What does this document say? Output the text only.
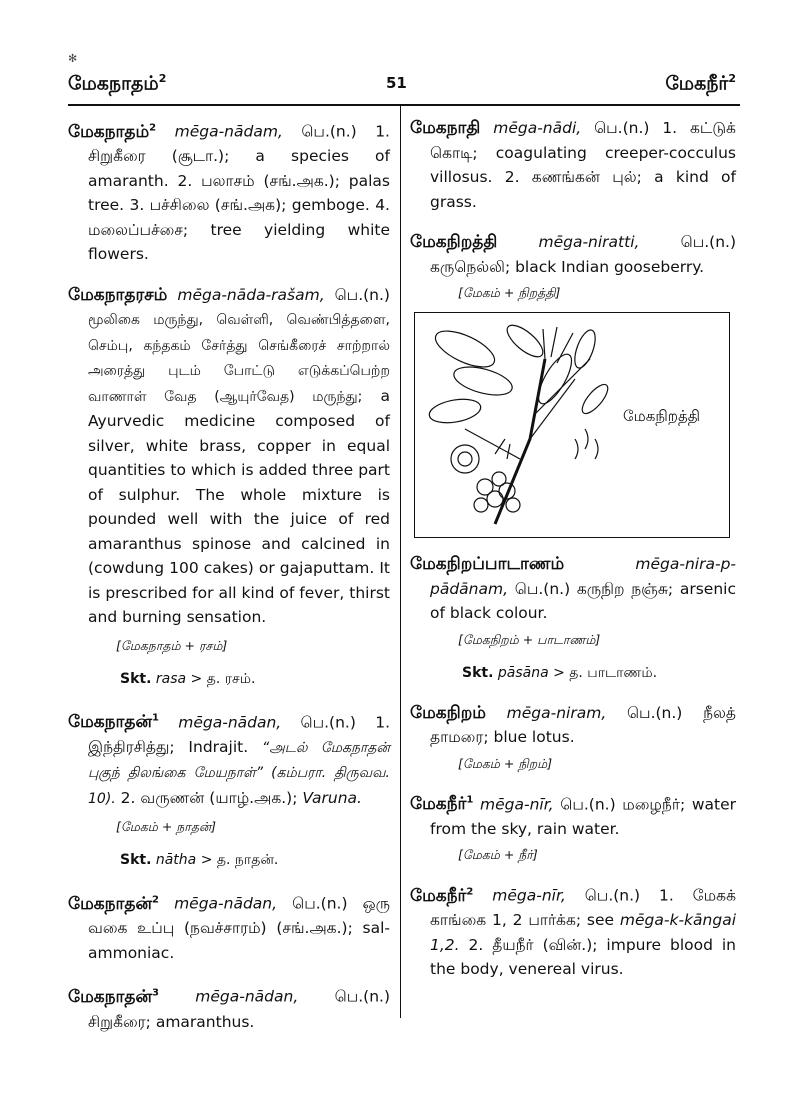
✻
மேகநாதம்$^2$	51	மேகநீர்$^2$
மேகநாதம்$^2$ mēga-nādam, பெ.(n.) 1. சிறுகீரை (சூடா.); a species of amaranth. 2. பலாசம் (சங்.அக.); palas tree. 3. பச்சிலை (சங்.அக); gemboge. 4. மலைப்பச்சை; tree yielding white flowers.
மேகநாதரசம் mēga-nāda-rašam, பெ.(n.) மூலிகை மருந்து, வெள்ளி, வெண்பித்தளை, செம்பு, கந்தகம் சேர்த்து செங்கீரைச் சாற்றால் அரைத்து புடம் போட்டு எடுக்கப்பெற்ற வாணாள் வேத (ஆயுர்வேத) மருந்து; a Ayurvedic medicine composed of silver, white brass, copper in equal quantities to which is added three part of sulphur. The whole mixture is pounded well with the juice of red amaranthus spinose and calcined in (cowdung 100 cakes) or gajaputtam. It is prescribed for all kind of fever, thirst and burning sensation.
[மேகநாதம் + ரசம்]
Skt. rasa > த. ரசம்.
மேகநாதன்$^1$ mēga-nādan, பெ.(n.) 1. இந்திரசித்து; Indrajit. “அடல் மேகநாதன் புகுந் திலங்கை மேயநாள்” (கம்பரா. திருவவ. 10). 2. வருணன் (யாழ்.அக.); Varuna.
[மேகம் + நாதன்]
Skt. nātha > த. நாதன்.
மேகநாதன்$^2$ mēga-nādan, பெ.(n.) ஒரு வகை உப்பு (நவச்சாரம்) (சங்.அக.); sal-ammoniac.
மேகநாதன்$^3$ mēga-nādan, பெ.(n.) சிறுகீரை; amaranthus.
மேகநாதி mēga-nādi, பெ.(n.) 1. கட்டுக் கொடி; coagulating creeper-cocculus villosus. 2. கணங்கன் புல்; a kind of grass.
மேகநிறத்தி	mēga-niratti,	பெ.(n.) கருநெல்லி; black Indian gooseberry.
[மேகம் + நிறத்தி]
மேகநிறத்தி
மேகநிறப்பாடாணம்	mēga-nira-p-pādānam, பெ.(n.) கருநிற நஞ்சு; arsenic of black colour.
[மேகநிறம் + பாடாணம்]
Skt. pāsāna > த. பாடாணம்.
மேகநிறம் mēga-niram, பெ.(n.) நீலத் தாமரை; blue lotus.
[மேகம் + நிறம்]
மேகநீர்$^1$ mēga-nīr, பெ.(n.) மழைநீர்; water from the sky, rain water.
[மேகம் + நீர்]
மேகநீர்$^2$ mēga-nīr, பெ.(n.) 1. மேகக் காங்கை 1, 2 பார்க்க; see mēga-k-kāngai 1,2. 2. தீயநீர் (வின்.); impure blood in the body, venereal virus.
